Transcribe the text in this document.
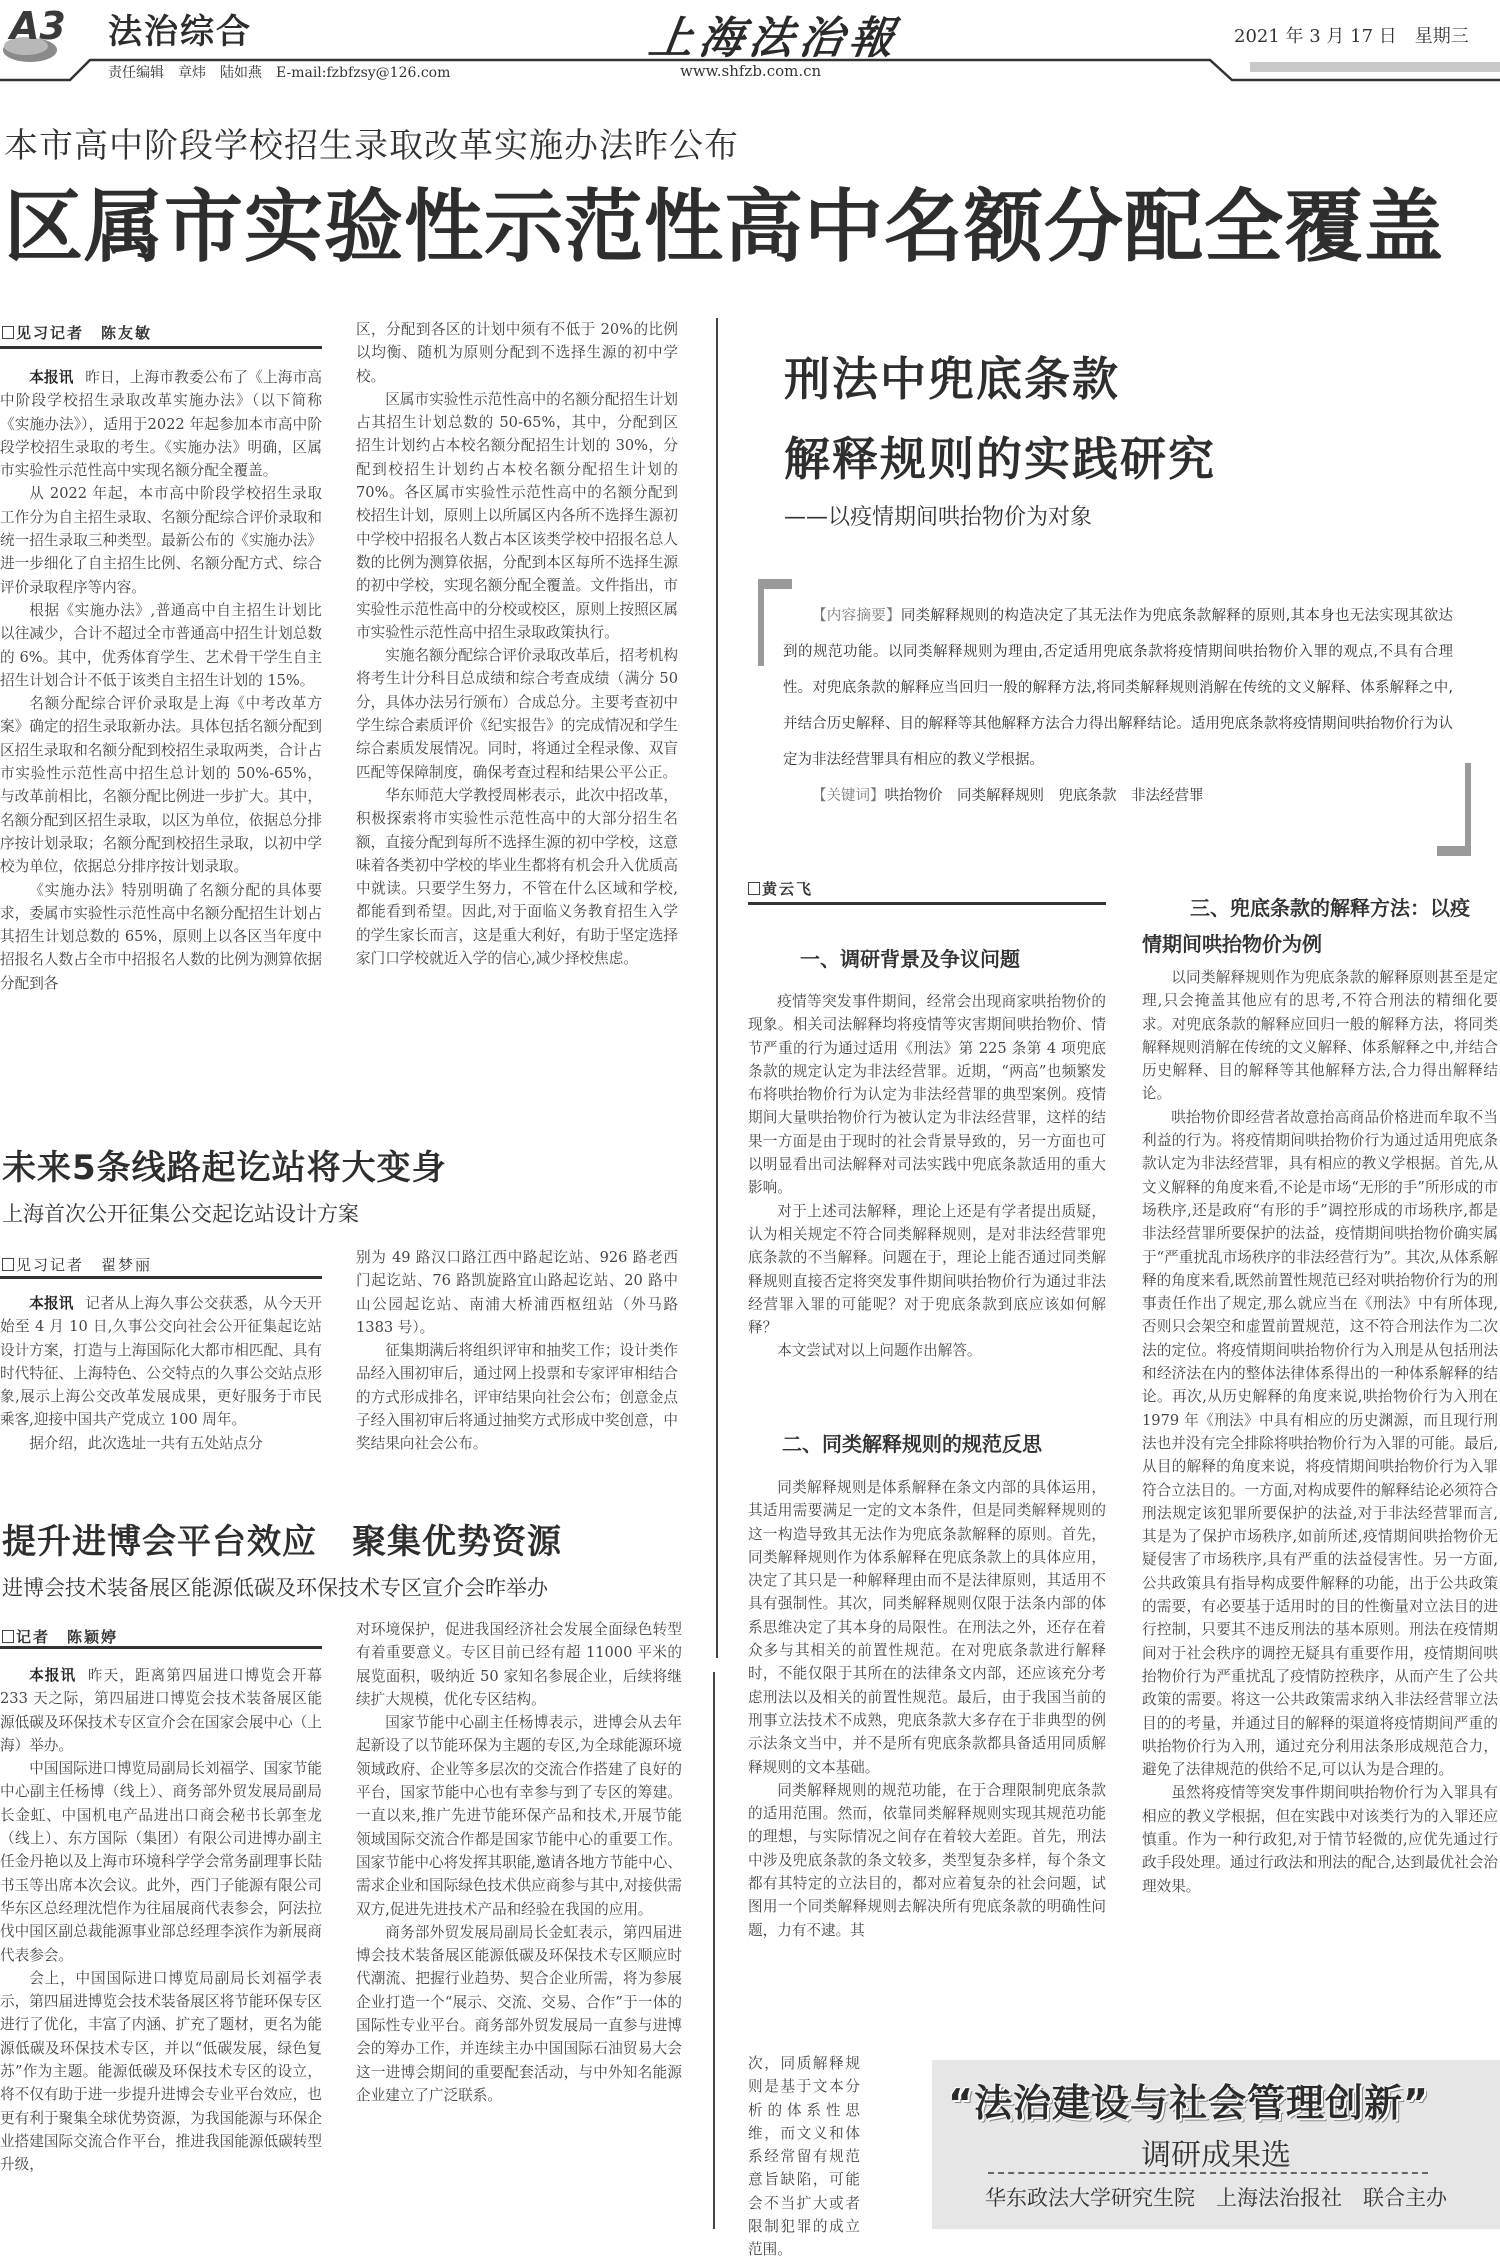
A3 法治综合	上海法治報	2021 年 3 月 17 日　星期三
责任编辑　章炜　陆如燕　E-mail:fzbfzsy@126.com	www.shfzb.com.cn
本市高中阶段学校招生录取改革实施办法昨公布
区属市实验性示范性高中名额分配全覆盖
见习记者　陈友敏

本报讯 昨日，上海市教委公布了《上海市高中阶段学校招生录取改革实施办法》（以下简称《实施办法》），适用于2022 年起参加本市高中阶段学校招生录取的考生。《实施办法》明确，区属市实验性示范性高中实现名额分配全覆盖。

从 2022 年起，本市高中阶段学校招生录取工作分为自主招生录取、名额分配综合评价录取和统一招生录取三种类型。最新公布的《实施办法》进一步细化了自主招生比例、名额分配方式、综合评价录取程序等内容。

根据《实施办法》,普通高中自主招生计划比以往减少，合计不超过全市普通高中招生计划总数的 6%。其中，优秀体育学生、艺术骨干学生自主招生计划合计不低于该类自主招生计划的 15%。

名额分配综合评价录取是上海《中考改革方案》确定的招生录取新办法。具体包括名额分配到区招生录取和名额分配到校招生录取两类，合计占市实验性示范性高中招生总计划的 50%-65%，与改革前相比，名额分配比例进一步扩大。其中，名额分配到区招生录取，以区为单位，依据总分排序按计划录取；名额分配到校招生录取，以初中学校为单位，依据总分排序按计划录取。

《实施办法》特别明确了名额分配的具体要求，委属市实验性示范性高中名额分配招生计划占其招生计划总数的 65%，原则上以各区当年度中招报名人数占全市中招报名人数的比例为测算依据分配到各

区，分配到各区的计划中须有不低于 20%的比例以均衡、随机为原则分配到不选择生源的初中学校。

区属市实验性示范性高中的名额分配招生计划占其招生计划总数的 50-65%，其中，分配到区招生计划约占本校名额分配招生计划的 30%，分配到校招生计划约占本校名额分配招生计划的 70%。各区属市实验性示范性高中的名额分配到校招生计划，原则上以所属区内各所不选择生源初中学校中招报名人数占本区该类学校中招报名总人数的比例为测算依据，分配到本区每所不选择生源的初中学校，实现名额分配全覆盖。文件指出，市实验性示范性高中的分校或校区，原则上按照区属市实验性示范性高中招生录取政策执行。

实施名额分配综合评价录取改革后，招考机构将考生计分科目总成绩和综合考查成绩（满分 50 分，具体办法另行颁布）合成总分。主要考查初中学生综合素质评价《纪实报告》的完成情况和学生综合素质发展情况。同时，将通过全程录像、双盲匹配等保障制度，确保考查过程和结果公平公正。

华东师范大学教授周彬表示，此次中招改革，积极探索将市实验性示范性高中的大部分招生名额，直接分配到每所不选择生源的初中学校，这意味着各类初中学校的毕业生都将有机会升入优质高中就读。只要学生努力，不管在什么区域和学校,都能看到希望。因此,对于面临义务教育招生入学的学生家长而言，这是重大利好，有助于坚定选择家门口学校就近入学的信心,减少择校焦虑。

未来5条线路起讫站将大变身
上海首次公开征集公交起讫站设计方案
见习记者　翟梦丽

本报讯 记者从上海久事公交获悉，从今天开始至 4 月 10 日,久事公交向社会公开征集起讫站设计方案，打造与上海国际化大都市相匹配、具有时代特征、上海特色、公交特点的久事公交站点形象,展示上海公交改革发展成果，更好服务于市民乘客,迎接中国共产党成立 100 周年。

据介绍，此次选址一共有五处站点分

别为 49 路汉口路江西中路起讫站、926 路老西门起讫站、76 路凯旋路宜山路起讫站、20 路中山公园起讫站、南浦大桥浦西枢纽站（外马路 1383 号）。

征集期满后将组织评审和抽奖工作；设计类作品经入围初审后，通过网上投票和专家评审相结合的方式形成排名，评审结果向社会公布；创意金点子经入围初审后将通过抽奖方式形成中奖创意，中奖结果向社会公布。

提升进博会平台效应　聚集优势资源
进博会技术装备展区能源低碳及环保技术专区宣介会昨举办
记者　陈颖婷

本报讯 昨天，距离第四届进口博览会开幕 233 天之际，第四届进口博览会技术装备展区能源低碳及环保技术专区宣介会在国家会展中心（上海）举办。

中国国际进口博览局副局长刘福学、国家节能中心副主任杨博（线上）、商务部外贸发展局副局长金虹、中国机电产品进出口商会秘书长郭奎龙（线上）、东方国际（集团）有限公司进博办副主任金丹艳以及上海市环境科学学会常务副理事长陆书玉等出席本次会议。此外，西门子能源有限公司华东区总经理沈恺作为往届展商代表参会，阿法拉伐中国区副总裁能源事业部总经理李滨作为新展商代表参会。

会上，中国国际进口博览局副局长刘福学表示，第四届进博览会技术装备展区将节能环保专区进行了优化，丰富了内涵、扩充了题材，更名为能源低碳及环保技术专区，并以“低碳发展，绿色复苏”作为主题。能源低碳及环保技术专区的设立，将不仅有助于进一步提升进博会专业平台效应，也更有利于聚集全球优势资源，为我国能源与环保企业搭建国际交流合作平台，推进我国能源低碳转型升级，

对环境保护，促进我国经济社会发展全面绿色转型有着重要意义。专区目前已经有超 11000 平米的展览面积，吸纳近 50 家知名参展企业，后续将继续扩大规模，优化专区结构。

国家节能中心副主任杨博表示，进博会从去年起新设了以节能环保为主题的专区,为全球能源环境领域政府、企业等多层次的交流合作搭建了良好的平台，国家节能中心也有幸参与到了专区的筹建。一直以来,推广先进节能环保产品和技术,开展节能领域国际交流合作都是国家节能中心的重要工作。国家节能中心将发挥其职能,邀请各地方节能中心、需求企业和国际绿色技术供应商参与其中,对接供需双方,促进先进技术产品和经验在我国的应用。

商务部外贸发展局副局长金虹表示，第四届进博会技术装备展区能源低碳及环保技术专区顺应时代潮流、把握行业趋势、契合企业所需，将为参展企业打造一个“展示、交流、交易、合作”于一体的国际性专业平台。商务部外贸发展局一直参与进博会的筹办工作，并连续主办中国国际石油贸易大会这一进博会期间的重要配套活动，与中外知名能源企业建立了广泛联系。

刑法中兜底条款
解释规则的实践研究
——以疫情期间哄抬物价为对象

【内容摘要】同类解释规则的构造决定了其无法作为兜底条款解释的原则,其本身也无法实现其欲达到的规范功能。以同类解释规则为理由,否定适用兜底条款将疫情期间哄抬物价入罪的观点,不具有合理性。对兜底条款的解释应当回归一般的解释方法,将同类解释规则消解在传统的文义解释、体系解释之中,并结合历史解释、目的解释等其他解释方法合力得出解释结论。适用兜底条款将疫情期间哄抬物价行为认定为非法经营罪具有相应的教义学根据。

【关键词】哄抬物价　同类解释规则　兜底条款　非法经营罪

黄云飞
一、调研背景及争议问题

疫情等突发事件期间，经常会出现商家哄抬物价的现象。相关司法解释均将疫情等灾害期间哄抬物价、情节严重的行为通过适用《刑法》第 225 条第 4 项兜底条款的规定认定为非法经营罪。近期，“两高”也频繁发布将哄抬物价行为认定为非法经营罪的典型案例。疫情期间大量哄抬物价行为被认定为非法经营罪，这样的结果一方面是由于现时的社会背景导致的，另一方面也可以明显看出司法解释对司法实践中兜底条款适用的重大影响。

对于上述司法解释，理论上还是有学者提出质疑，认为相关规定不符合同类解释规则，是对非法经营罪兜底条款的不当解释。问题在于，理论上能否通过同类解释规则直接否定将突发事件期间哄抬物价行为通过非法经营罪入罪的可能呢？对于兜底条款到底应该如何解释？

本文尝试对以上问题作出解答。

二、同类解释规则的规范反思

同类解释规则是体系解释在条文内部的具体运用，其适用需要满足一定的文本条件，但是同类解释规则的这一构造导致其无法作为兜底条款解释的原则。首先，同类解释规则作为体系解释在兜底条款上的具体应用，决定了其只是一种解释理由而不是法律原则，其适用不具有强制性。其次，同类解释规则仅限于法条内部的体系思维决定了其本身的局限性。在刑法之外，还存在着众多与其相关的前置性规范。在对兜底条款进行解释时，不能仅限于其所在的法律条文内部，还应该充分考虑刑法以及相关的前置性规范。最后，由于我国当前的刑事立法技术不成熟，兜底条款大多存在于非典型的例示法条文当中，并不是所有兜底条款都具备适用同质解释规则的文本基础。

同类解释规则的规范功能，在于合理限制兜底条款的适用范围。然而，依靠同类解释规则实现其规范功能的理想，与实际情况之间存在着较大差距。首先，刑法中涉及兜底条款的条文较多，类型复杂多样，每个条文都有其特定的立法目的，都对应着复杂的社会问题，试图用一个同类解释规则去解决所有兜底条款的明确性问题，力有不逮。其

次，同质解释规则是基于文本分析的体系性思维，而文义和体系经常留有规范意旨缺陷，可能会不当扩大或者限制犯罪的成立范围。
三、兜底条款的解释方法：以疫
情期间哄抬物价为例

以同类解释规则作为兜底条款的解释原则甚至是定理,只会掩盖其他应有的思考,不符合刑法的精细化要求。对兜底条款的解释应回归一般的解释方法，将同类解释规则消解在传统的文义解释、体系解释之中,并结合历史解释、目的解释等其他解释方法,合力得出解释结论。

哄抬物价即经营者故意抬高商品价格进而牟取不当利益的行为。将疫情期间哄抬物价行为通过适用兜底条款认定为非法经营罪，具有相应的教义学根据。首先,从文义解释的角度来看,不论是市场“无形的手”所形成的市场秩序,还是政府“有形的手”调控形成的市场秩序,都是非法经营罪所要保护的法益，疫情期间哄抬物价确实属于“严重扰乱市场秩序的非法经营行为”。其次,从体系解释的角度来看,既然前置性规范已经对哄抬物价行为的刑事责任作出了规定,那么就应当在《刑法》中有所体现,否则只会架空和虚置前置规范，这不符合刑法作为二次法的定位。将疫情期间哄抬物价行为入刑是从包括刑法和经济法在内的整体法律体系得出的一种体系解释的结论。再次,从历史解释的角度来说,哄抬物价行为入刑在 1979 年《刑法》中具有相应的历史渊源，而且现行刑法也并没有完全排除将哄抬物价行为入罪的可能。最后,从目的解释的角度来说，将疫情期间哄抬物价行为入罪符合立法目的。一方面,对构成要件的解释结论必须符合刑法规定该犯罪所要保护的法益,对于非法经营罪而言,其是为了保护市场秩序,如前所述,疫情期间哄抬物价无疑侵害了市场秩序,具有严重的法益侵害性。另一方面,公共政策具有指导构成要件解释的功能，出于公共政策的需要，有必要基于适用时的目的性衡量对立法目的进行控制，只要其不违反刑法的基本原则。刑法在疫情期间对于社会秩序的调控无疑具有重要作用，疫情期间哄抬物价行为严重扰乱了疫情防控秩序，从而产生了公共政策的需要。将这一公共政策需求纳入非法经营罪立法目的的考量，并通过目的解释的渠道将疫情期间严重的哄抬物价行为入刑，通过充分利用法条形成规范合力，避免了法律规范的供给不足,可以认为是合理的。

虽然将疫情等突发事件期间哄抬物价行为入罪具有相应的教义学根据，但在实践中对该类行为的入罪还应慎重。作为一种行政犯,对于情节轻微的,应优先通过行政手段处理。通过行政法和刑法的配合,达到最优社会治理效果。

“法治建设与社会管理创新”
调研成果选
华东政法大学研究生院　上海法治报社　联合主办
